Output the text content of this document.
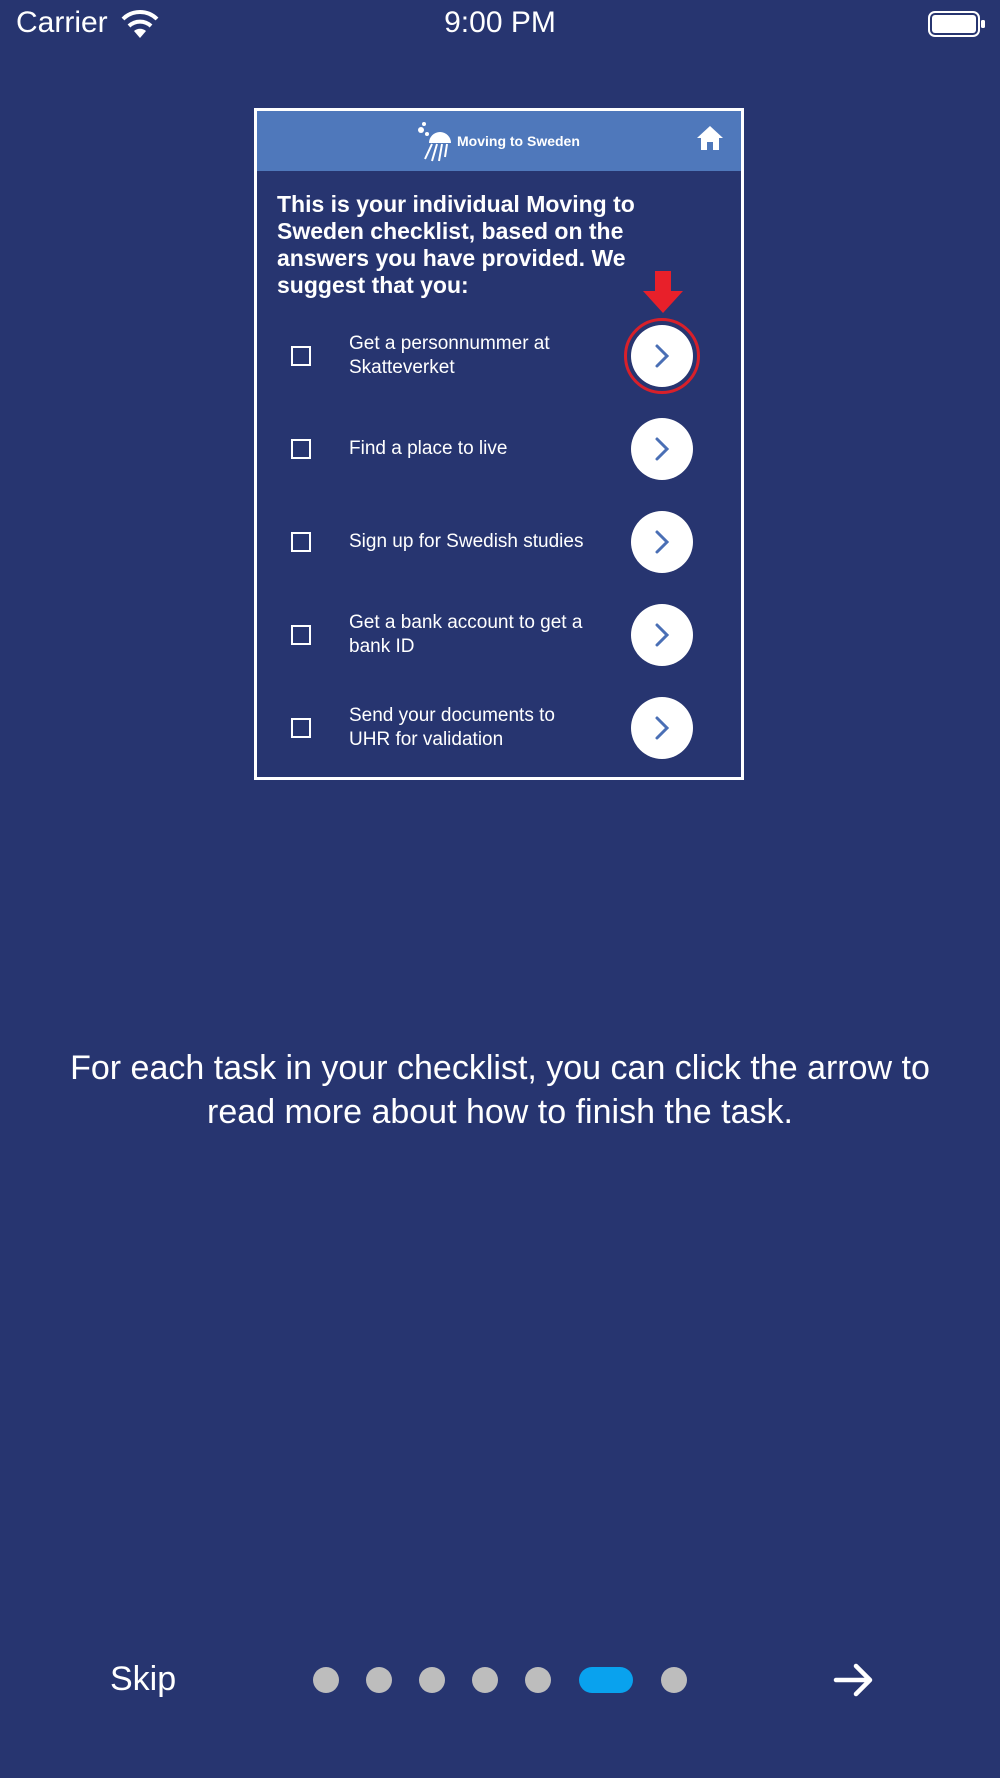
Carrier	9:00 PM
Moving to Sweden
This is your individual Moving to Sweden checklist, based on the answers you have provided. We suggest that you:
Get a personnummer at Skatteverket
Find a place to live
Sign up for Swedish studies
Get a bank account to get a bank ID
Send your documents to UHR for validation
For each task in your checklist, you can click the arrow to read more about how to finish the task.
Skip
